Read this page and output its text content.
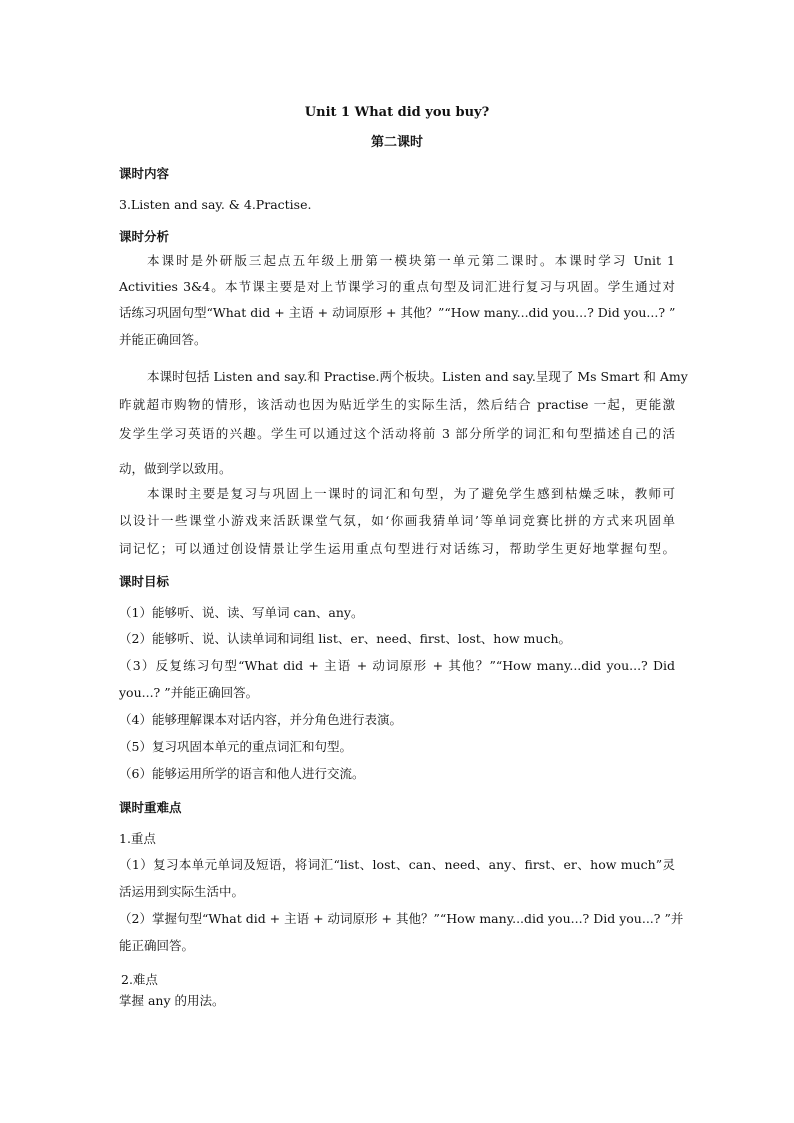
Unit 1 What did you buy?
第二课时
课时内容
3.Listen and say. & 4.Practise.
课时分析
本课时是外研版三起点五年级上册第一模块第一单元第二课时。本课时学习 Unit 1
Activities 3&4。本节课主要是对上节课学习的重点句型及词汇进行复习与巩固。学生通过对
话练习巩固句型“What did + 主语 + 动词原形 + 其他？”“How many...did you...? Did you...? ”
并能正确回答。
本课时包括 Listen and say.和 Practise.两个板块。Listen and say.呈现了 Ms Smart 和 Amy
昨就超市购物的情形，该活动也因为贴近学生的实际生活，然后结合 practise 一起，更能激
发学生学习英语的兴趣。学生可以通过这个活动将前 3 部分所学的词汇和句型描述自己的活
动，做到学以致用。
本课时主要是复习与巩固上一课时的词汇和句型，为了避免学生感到枯燥乏味，教师可
以设计一些课堂小游戏来活跃课堂气氛，如‘你画我猜单词’等单词竞赛比拼的方式来巩固单
词记忆；可以通过创设情景让学生运用重点句型进行对话练习，帮助学生更好地掌握句型。
课时目标
（1）能够听、说、读、写单词 can、any。
（2）能够听、说、认读单词和词组 list、er、need、first、lost、how much。
（3）反复练习句型“What did + 主语 + 动词原形 + 其他？”“How many...did you...? Did
you...? ”并能正确回答。
（4）能够理解课本对话内容，并分角色进行表演。
（5）复习巩固本单元的重点词汇和句型。
（6）能够运用所学的语言和他人进行交流。
课时重难点
1.重点
（1）复习本单元单词及短语，将词汇“list、lost、can、need、any、first、er、how much”灵
活运用到实际生活中。
（2）掌握句型“What did + 主语 + 动词原形 + 其他？”“How many...did you...? Did you...? ”并
能正确回答。
2.难点
掌握 any 的用法。
